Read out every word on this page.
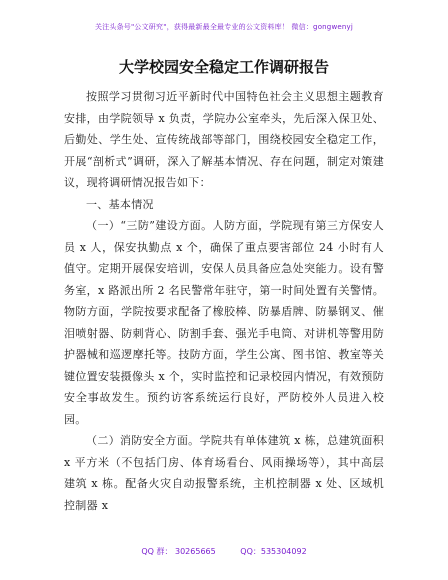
关注头条号"公文研究"，获得最新最全最专业的公文资料库！ 微信：gongwenyj
大学校园安全稳定工作调研报告

按照学习贯彻习近平新时代中国特色社会主义思想主题教育安排，由学院领导 x 负责，学院办公室牵头，先后深入保卫处、后勤处、学生处、宣传统战部等部门，围绕校园安全稳定工作，开展“剖析式”调研，深入了解基本情况、存在问题，制定对策建议，现将调研情况报告如下：

一、基本情况

（一）“三防”建设方面。人防方面，学院现有第三方保安人员 x 人，保安执勤点 x 个，确保了重点要害部位 24 小时有人值守。定期开展保安培训，安保人员具备应急处突能力。设有警务室，x 路派出所 2 名民警常年驻守，第一时间处置有关警情。物防方面，学院按要求配备了橡胶棒、防暴盾牌、防暴钢叉、催泪喷射器、防刺背心、防割手套、强光手电筒、对讲机等警用防护器械和巡逻摩托等。技防方面，学生公寓、图书馆、教室等关键位置安装摄像头 x 个，实时监控和记录校园内情况，有效预防安全事故发生。预约访客系统运行良好，严防校外人员进入校园。

（二）消防安全方面。学院共有单体建筑 x 栋，总建筑面积 x 平方米（不包括门房、体育场看台、风雨操场等），其中高层建筑 x 栋。配备火灾自动报警系统，主机控制器 x 处、区域机控制器 x

QQ 群： 30265665	QQ：535304092
